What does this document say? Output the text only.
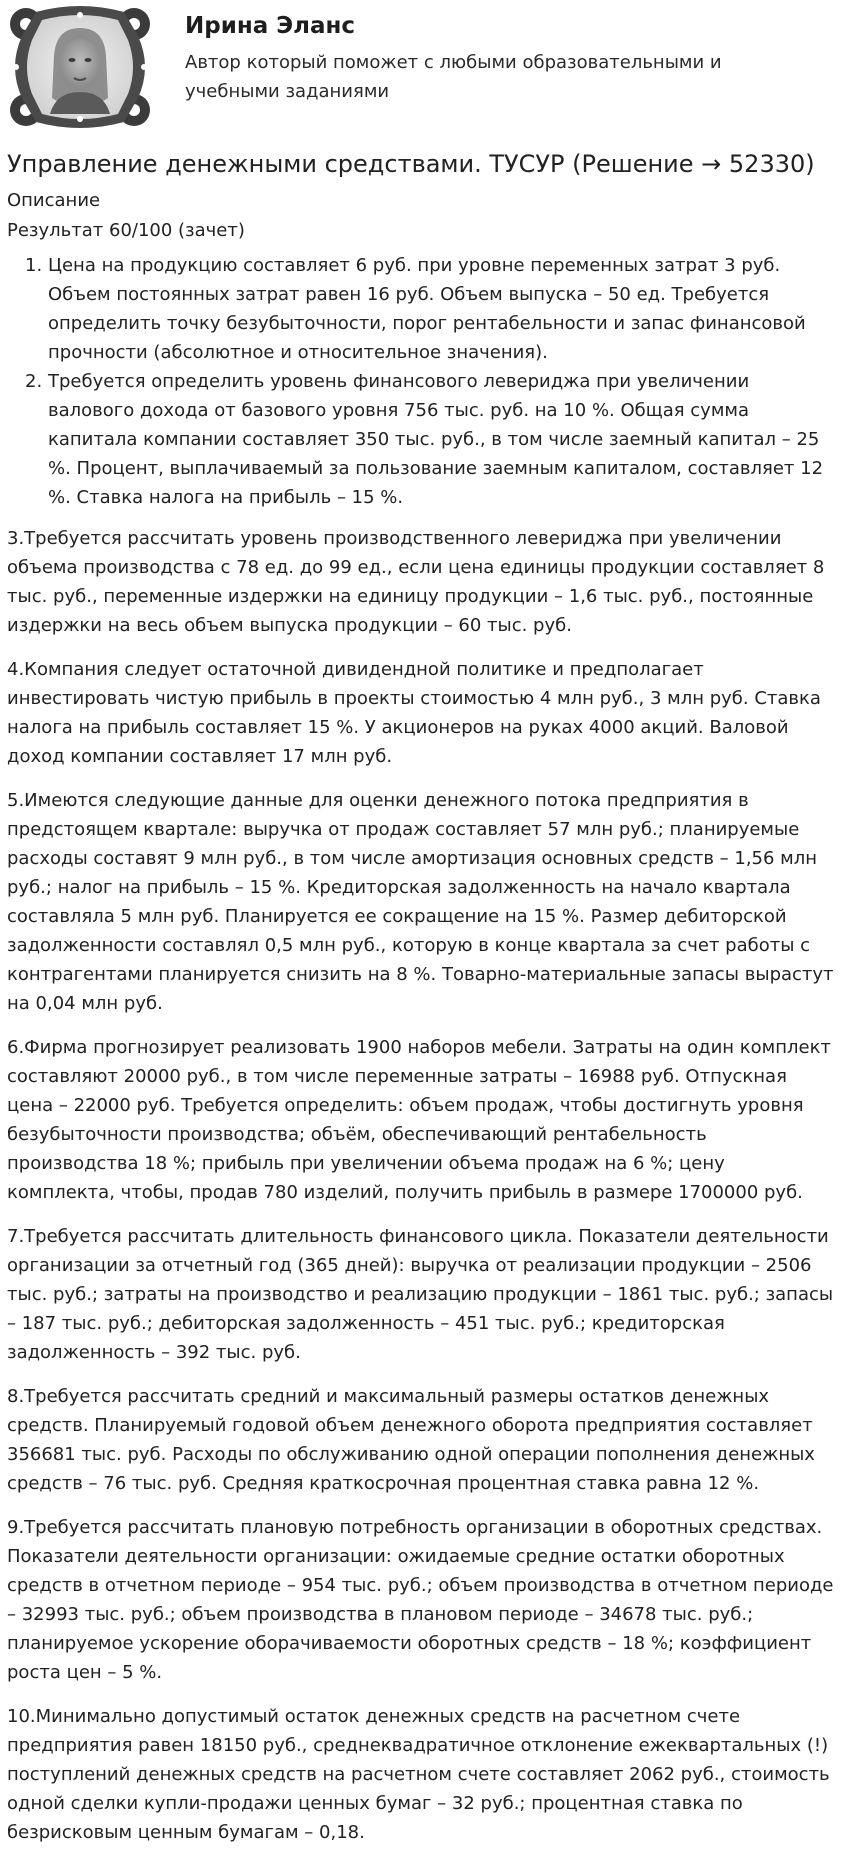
Ирина Эланс
Автор который поможет с любыми образовательными и учебными заданиями
Управление денежными средствами. ТУСУР (Решение → 52330)
Описание
Результат 60/100 (зачет)
1. Цена на продукцию составляет 6 руб. при уровне переменных затрат 3 руб. Объем постоянных затрат равен 16 руб. Объем выпуска – 50 ед. Требуется определить точку безубыточности, порог рентабельности и запас финансовой прочности (абсолютное и относительное значения).
2. Требуется определить уровень финансового левериджа при увеличении валового дохода от базового уровня 756 тыс. руб. на 10 %. Общая сумма капитала компании составляет 350 тыс. руб., в том числе заемный капитал – 25 %. Процент, выплачиваемый за пользование заемным капиталом, составляет 12 %. Ставка налога на прибыль – 15 %.

3.Требуется рассчитать уровень производственного левериджа при увеличении объема производства с 78 ед. до 99 ед., если цена единицы продукции составляет 8 тыс. руб., переменные издержки на единицу продукции – 1,6 тыс. руб., постоянные издержки на весь объем выпуска продукции – 60 тыс. руб.

4.Компания следует остаточной дивидендной политике и предполагает инвестировать чистую прибыль в проекты стоимостью 4 млн руб., 3 млн руб. Ставка налога на прибыль составляет 15 %. У акционеров на руках 4000 акций. Валовой доход компании составляет 17 млн руб.

5.Имеются следующие данные для оценки денежного потока предприятия в предстоящем квартале: выручка от продаж составляет 57 млн руб.; планируемые расходы составят 9 млн руб., в том числе амортизация основных средств – 1,56 млн руб.; налог на прибыль – 15 %. Кредиторская задолженность на начало квартала составляла 5 млн руб. Планируется ее сокращение на 15 %. Размер дебиторской задолженности составлял 0,5 млн руб., которую в конце квартала за счет работы с контрагентами планируется снизить на 8 %. Товарно-материальные запасы вырастут на 0,04 млн руб.

6.Фирма прогнозирует реализовать 1900 наборов мебели. Затраты на один комплект составляют 20000 руб., в том числе переменные затраты – 16988 руб. Отпускная цена – 22000 руб. Требуется определить: объем продаж, чтобы достигнуть уровня безубыточности производства; объём, обеспечивающий рентабельность производства 18 %; прибыль при увеличении объема продаж на 6 %; цену комплекта, чтобы, продав 780 изделий, получить прибыль в размере 1700000 руб.

7.Требуется рассчитать длительность финансового цикла. Показатели деятельности организации за отчетный год (365 дней): выручка от реализации продукции – 2506 тыс. руб.; затраты на производство и реализацию продукции – 1861 тыс. руб.; запасы – 187 тыс. руб.; дебиторская задолженность – 451 тыс. руб.; кредиторская задолженность – 392 тыс. руб.

8.Требуется рассчитать средний и максимальный размеры остатков денежных средств. Планируемый годовой объем денежного оборота предприятия составляет 356681 тыс. руб. Расходы по обслуживанию одной операции пополнения денежных средств – 76 тыс. руб. Средняя краткосрочная процентная ставка равна 12 %.

9.Требуется рассчитать плановую потребность организации в оборотных средствах. Показатели деятельности организации: ожидаемые средние остатки оборотных средств в отчетном периоде – 954 тыс. руб.; объем производства в отчетном периоде – 32993 тыс. руб.; объем производства в плановом периоде – 34678 тыс. руб.; планируемое ускорение оборачиваемости оборотных средств – 18 %; коэффициент роста цен – 5 %.

10.Минимально допустимый остаток денежных средств на расчетном счете предприятия равен 18150 руб., среднеквадратичное отклонение ежеквартальных (!) поступлений денежных средств на расчетном счете составляет 2062 руб., стоимость одной сделки купли-продажи ценных бумаг – 32 руб.; процентная ставка по безрисковым ценным бумагам – 0,18.
